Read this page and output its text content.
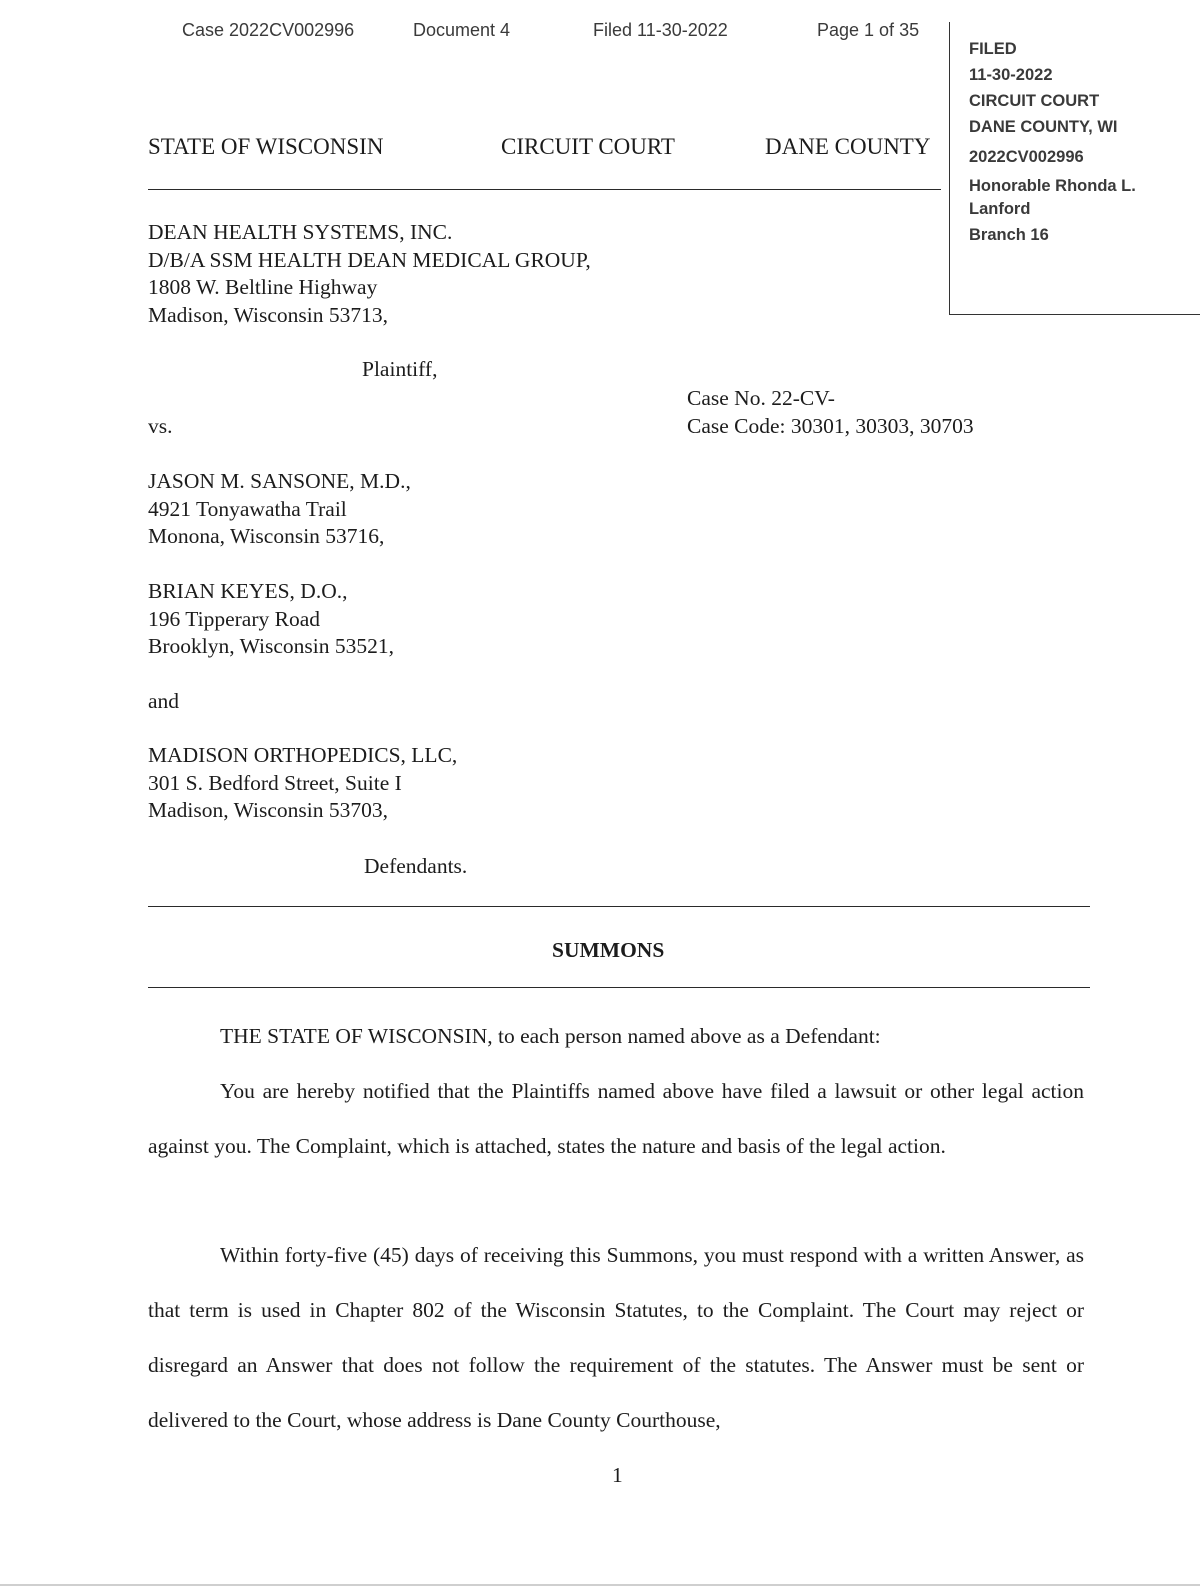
Case 2022CV002996	Document 4	Filed 11-30-2022	Page 1 of 35
FILED
11-30-2022
CIRCUIT COURT
DANE COUNTY, WI
2022CV002996
Honorable Rhonda L.
Lanford
Branch 16
STATE OF WISCONSIN	CIRCUIT COURT	DANE COUNTY
DEAN HEALTH SYSTEMS, INC.
D/B/A SSM HEALTH DEAN MEDICAL GROUP,
1808 W. Beltline Highway
Madison, Wisconsin 53713,
Plaintiff,
Case No. 22-CV-
Case Code: 30301, 30303, 30703
vs.
JASON M. SANSONE, M.D.,
4921 Tonyawatha Trail
Monona, Wisconsin 53716,
BRIAN KEYES, D.O.,
196 Tipperary Road
Brooklyn, Wisconsin 53521,
and
MADISON ORTHOPEDICS, LLC,
301 S. Bedford Street, Suite I
Madison, Wisconsin 53703,
Defendants.
SUMMONS
THE STATE OF WISCONSIN, to each person named above as a Defendant:
You are hereby notified that the Plaintiffs named above have filed a lawsuit or other legal action against you. The Complaint, which is attached, states the nature and basis of the legal action.
Within forty-five (45) days of receiving this Summons, you must respond with a written Answer, as that term is used in Chapter 802 of the Wisconsin Statutes, to the Complaint. The Court may reject or disregard an Answer that does not follow the requirement of the statutes. The Answer must be sent or delivered to the Court, whose address is Dane County Courthouse,
1
